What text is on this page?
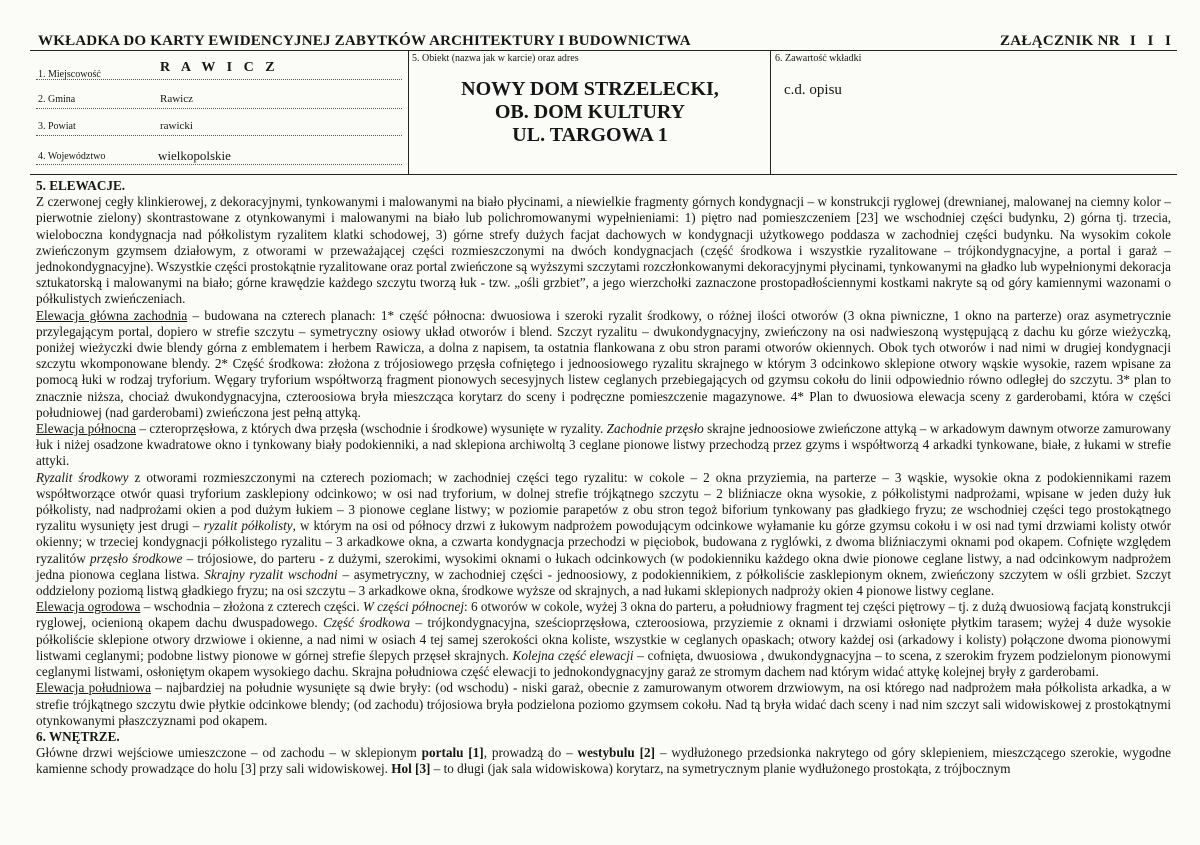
WKŁADKA DO KARTY EWIDENCYJNEJ ZABYTKÓW ARCHITEKTURY I BUDOWNICTWA	ZAŁĄCZNIK NR I I I
1. Miejscowość	R A W I C Z
2. Gmina	Rawicz
3. Powiat	rawicki
4. Województwo	wielkopolskie
5. Obiekt (nazwa jak w karcie) oraz adres
NOWY DOM STRZELECKI,
OB. DOM KULTURY
UL. TARGOWA 1
6. Zawartość wkładki
c.d. opisu

5. ELEWACJE.

Z czerwonej cegły klinkierowej, z dekoracyjnymi, tynkowanymi i malowanymi na biało płycinami, a niewielkie fragmenty górnych kondygnacji – w konstrukcji ryglowej (drewnianej, malowanej na ciemny kolor – pierwotnie zielony) skontrastowane z otynkowanymi i malowanymi na biało lub polichromowanymi wypełnieniami: 1) piętro nad pomieszczeniem [23] we wschodniej części budynku, 2) górna tj. trzecia, wieloboczna kondygnacja nad półkolistym ryzalitem klatki schodowej, 3) górne strefy dużych facjat dachowych w kondygnacji użytkowego poddasza w zachodniej części budynku. Na wysokim cokole zwieńczonym gzymsem działowym, z otworami w przeważającej części rozmieszczonymi na dwóch kondygnacjach (część środkowa i wszystkie ryzalitowane – trójkondygnacyjne, a portal i garaż – jednokondygnacyjne). Wszystkie części prostokątnie ryzalitowane oraz portal zwieńczone są wyższymi szczytami rozczłonkowanymi dekoracyjnymi płycinami, tynkowanymi na gładko lub wypełnionymi dekoracja sztukatorską i malowanymi na biało; górne krawędzie każdego szczytu tworzą łuk - tzw. „ośli grzbiet”, a jego wierzchołki zaznaczone prostopadłościennymi kostkami nakryte są od góry kamiennymi wazonami o półkulistych zwieńczeniach.

Elewacja główna zachodnia – budowana na czterech planach: 1* część północna: dwuosiowa i szeroki ryzalit środkowy, o różnej ilości otworów (3 okna piwniczne, 1 okno na parterze) oraz asymetrycznie przylegającym portal, dopiero w strefie szczytu – symetryczny osiowy układ otworów i blend. Szczyt ryzalitu – dwukondygnacyjny, zwieńczony na osi nadwieszoną występującą z dachu ku górze wieżyczką, poniżej wieżyczki dwie blendy górna z emblematem i herbem Rawicza, a dolna z napisem, ta ostatnia flankowana z obu stron parami otworów okiennych. Obok tych otworów i nad nimi w drugiej kondygnacji szczytu wkomponowane blendy. 2* Część środkowa: złożona z trójosiowego przęsła cofniętego i jednoosiowego ryzalitu skrajnego w którym 3 odcinkowo sklepione otwory wąskie wysokie, razem wpisane za pomocą łuki w rodzaj tryforium. Węgary tryforium współtworzą fragment pionowych secesyjnych listew ceglanych przebiegających od gzymsu cokołu do linii odpowiednio równo odległej do szczytu. 3* plan to znacznie niższa, chociaż dwukondygnacyjna, czteroosiowa bryła mieszcząca korytarz do sceny i podręczne pomieszczenie magazynowe. 4* Plan to dwuosiowa elewacja sceny z garderobami, która w części południowej (nad garderobami) zwieńczona jest pełną attyką.

Elewacja północna – czteroprzęsłowa, z których dwa przęsła (wschodnie i środkowe) wysunięte w ryzality. Zachodnie przęsło skrajne jednoosiowe zwieńczone attyką – w arkadowym dawnym otworze zamurowany łuk i niżej osadzone kwadratowe okno i tynkowany biały podokienniki, a nad sklepiona archiwoltą 3 ceglane pionowe listwy przechodzą przez gzyms i współtworzą 4 arkadki tynkowane, białe, z łukami w strefie attyki.

Ryzalit środkowy z otworami rozmieszczonymi na czterech poziomach; w zachodniej części tego ryzalitu: w cokole – 2 okna przyziemia, na parterze – 3 wąskie, wysokie okna z podokiennikami razem współtworzące otwór quasi tryforium zasklepiony odcinkowo; w osi nad tryforium, w dolnej strefie trójkątnego szczytu – 2 bliźniacze okna wysokie, z półkolistymi nadprożami, wpisane w jeden duży łuk półkolisty, nad nadprożami okien a pod dużym łukiem – 3 pionowe ceglane listwy; w poziomie parapetów z obu stron tegoż biforium tynkowany pas gładkiego fryzu; ze wschodniej części tego prostokątnego ryzalitu wysunięty jest drugi – ryzalit półkolisty, w którym na osi od północy drzwi z łukowym nadprożem powodującym odcinkowe wyłamanie ku górze gzymsu cokołu i w osi nad tymi drzwiami kolisty otwór okienny; w trzeciej kondygnacji półkolistego ryzalitu – 3 arkadkowe okna, a czwarta kondygnacja przechodzi w pięciobok, budowana z ryglówki, z dwoma bliźniaczymi oknami pod okapem. Cofnięte względem ryzalitów przęsło środkowe – trójosiowe, do parteru - z dużymi, szerokimi, wysokimi oknami o łukach odcinkowych (w podokienniku każdego okna dwie pionowe ceglane listwy, a nad odcinkowym nadprożem jedna pionowa ceglana listwa. Skrajny ryzalit wschodni – asymetryczny, w zachodniej części - jednoosiowy, z podokiennikiem, z półkoliście zasklepionym oknem, zwieńczony szczytem w ośli grzbiet. Szczyt oddzielony poziomą listwą gładkiego fryzu; na osi szczytu – 3 arkadkowe okna, środkowe wyższe od skrajnych, a nad łukami sklepionych nadproży okien 4 pionowe listwy ceglane.

Elewacja ogrodowa – wschodnia – złożona z czterech części. W części północnej: 6 otworów w cokole, wyżej 3 okna do parteru, a południowy fragment tej części piętrowy – tj. z dużą dwuosiową facjatą konstrukcji ryglowej, ocienioną okapem dachu dwuspadowego. Część środkowa – trójkondygnacyjna, sześcioprzęsłowa, czteroosiowa, przyziemie z oknami i drzwiami osłonięte płytkim tarasem; wyżej 4 duże wysokie półkoliście sklepione otwory drzwiowe i okienne, a nad nimi w osiach 4 tej samej szerokości okna koliste, wszystkie w ceglanych opaskach; otwory każdej osi (arkadowy i kolisty) połączone dwoma pionowymi listwami ceglanymi; podobne listwy pionowe w górnej strefie ślepych przęseł skrajnych. Kolejna część elewacji – cofnięta, dwuosiowa , dwukondygnacyjna – to scena, z szerokim fryzem podzielonym pionowymi ceglanymi listwami, osłoniętym okapem wysokiego dachu. Skrajna południowa część elewacji to jednokondygnacyjny garaż ze stromym dachem nad którym widać attykę kolejnej bryły z garderobami.

Elewacja południowa – najbardziej na południe wysunięte są dwie bryły: (od wschodu) - niski garaż, obecnie z zamurowanym otworem drzwiowym, na osi którego nad nadprożem mała półkolista arkadka, a w strefie trójkątnego szczytu dwie płytkie odcinkowe blendy; (od zachodu) trójosiowa bryła podzielona poziomo gzymsem cokołu. Nad tą bryła widać dach sceny i nad nim szczyt sali widowiskowej z prostokątnymi otynkowanymi płaszczyznami pod okapem.

6. WNĘTRZE.

Główne drzwi wejściowe umieszczone – od zachodu – w sklepionym portalu [1], prowadzą do – westybulu [2] – wydłużonego przedsionka nakrytego od góry sklepieniem, mieszczącego szerokie, wygodne kamienne schody prowadzące do holu [3] przy sali widowiskowej. Hol [3] – to długi (jak sala widowiskowa) korytarz, na symetrycznym planie wydłużonego prostokąta, z trójbocznym
